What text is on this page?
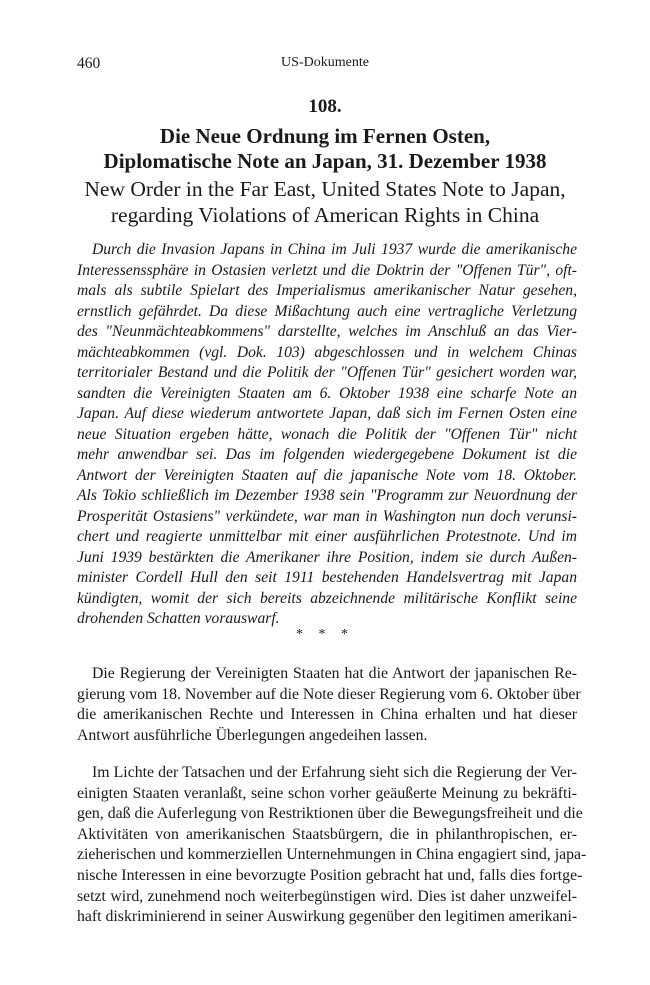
460	US-Dokumente
108.
Die Neue Ordnung im Fernen Osten,
Diplomatische Note an Japan, 31. Dezember 1938
New Order in the Far East, United States Note to Japan,
regarding Violations of American Rights in China
Durch die Invasion Japans in China im Juli 1937 wurde die amerikanische
Interessenssphäre in Ostasien verletzt und die Doktrin der "Offenen Tür", oft-
mals als subtile Spielart des Imperialismus amerikanischer Natur gesehen,
ernstlich gefährdet. Da diese Mißachtung auch eine vertragliche Verletzung
des "Neunmächteabkommens" darstellte, welches im Anschluß an das Vier-
mächteabkommen (vgl. Dok. 103) abgeschlossen und in welchem Chinas
territorialer Bestand und die Politik der "Offenen Tür" gesichert worden war,
sandten die Vereinigten Staaten am 6. Oktober 1938 eine scharfe Note an
Japan. Auf diese wiederum antwortete Japan, daß sich im Fernen Osten eine
neue Situation ergeben hätte, wonach die Politik der "Offenen Tür" nicht
mehr anwendbar sei. Das im folgenden wiedergegebene Dokument ist die
Antwort der Vereinigten Staaten auf die japanische Note vom 18. Oktober.
Als Tokio schließlich im Dezember 1938 sein "Programm zur Neuordnung der
Prosperität Ostasiens" verkündete, war man in Washington nun doch verunsi-
chert und reagierte unmittelbar mit einer ausführlichen Protestnote. Und im
Juni 1939 bestärkten die Amerikaner ihre Position, indem sie durch Außen-
minister Cordell Hull den seit 1911 bestehenden Handelsvertrag mit Japan
kündigten, womit der sich bereits abzeichnende militärische Konflikt seine
drohenden Schatten vorauswarf.
* * *
Die Regierung der Vereinigten Staaten hat die Antwort der japanischen Re-
gierung vom 18. November auf die Note dieser Regierung vom 6. Oktober über
die amerikanischen Rechte und Interessen in China erhalten und hat dieser
Antwort ausführliche Überlegungen angedeihen lassen.
Im Lichte der Tatsachen und der Erfahrung sieht sich die Regierung der Ver-
einigten Staaten veranlaßt, seine schon vorher geäußerte Meinung zu bekräfti-
gen, daß die Auferlegung von Restriktionen über die Bewegungsfreiheit und die
Aktivitäten von amerikanischen Staatsbürgern, die in philanthropischen, er-
zieherischen und kommerziellen Unternehmungen in China engagiert sind, japa-
nische Interessen in eine bevorzugte Position gebracht hat und, falls dies fortge-
setzt wird, zunehmend noch weiterbegünstigen wird. Dies ist daher unzweifel-
haft diskriminierend in seiner Auswirkung gegenüber den legitimen amerikani-
